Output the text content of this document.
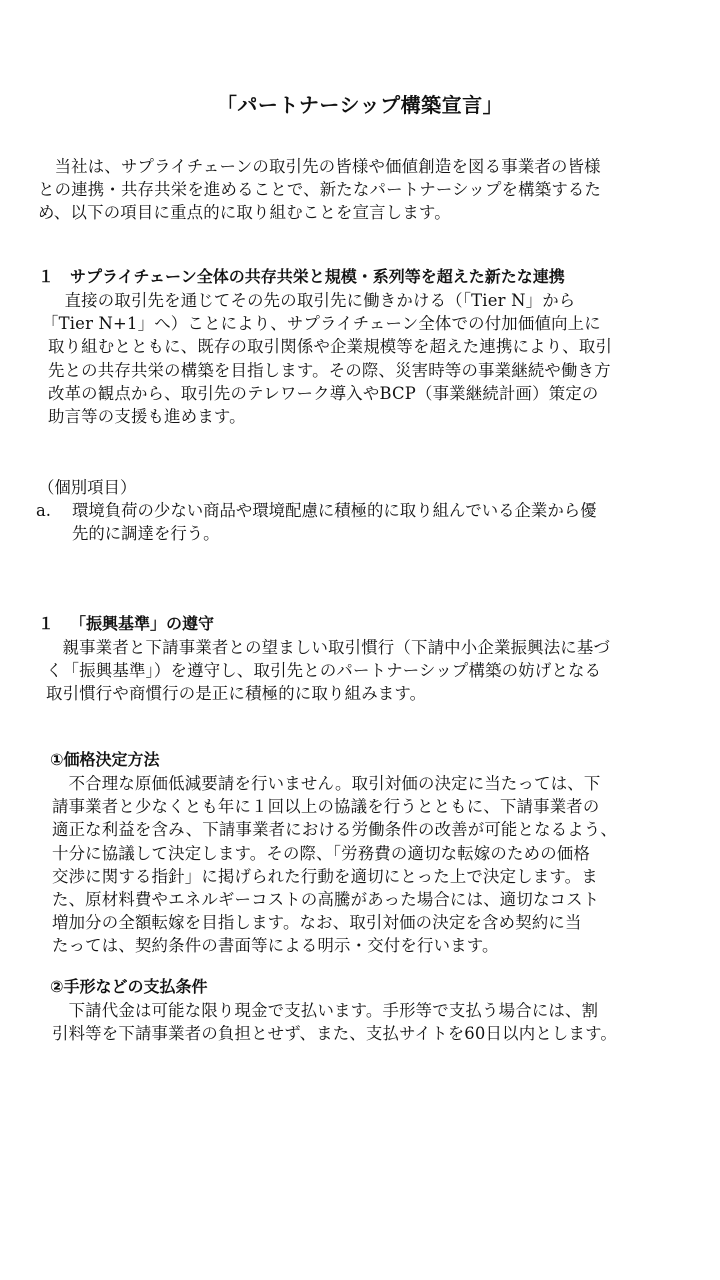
「パートナーシップ構築宣言」
　当社は、サプライチェーンの取引先の皆様や価値創造を図る事業者の皆様
との連携・共存共栄を進めることで、新たなパートナーシップを構築するた
め、以下の項目に重点的に取り組むことを宣言します。
１ サプライチェーン全体の共存共栄と規模・系列等を超えた新たな連携
　直接の取引先を通じてその先の取引先に働きかける（「Tier N」から
「Tier N+1」へ）ことにより、サプライチェーン全体での付加価値向上に
取り組むとともに、既存の取引関係や企業規模等を超えた連携により、取引
先との共存共栄の構築を目指します。その際、災害時等の事業継続や働き方
改革の観点から、取引先のテレワーク導入やBCP（事業継続計画）策定の
助言等の支援も進めます。
（個別項目）
a. 環境負荷の少ない商品や環境配慮に積極的に取り組んでいる企業から優
先的に調達を行う。
１ 「振興基準」の遵守
　親事業者と下請事業者との望ましい取引慣行（下請中小企業振興法に基づ
く「振興基準」）を遵守し、取引先とのパートナーシップ構築の妨げとなる
取引慣行や商慣行の是正に積極的に取り組みます。
①価格決定方法
　不合理な原価低減要請を行いません。取引対価の決定に当たっては、下
請事業者と少なくとも年に１回以上の協議を行うとともに、下請事業者の
適正な利益を含み、下請事業者における労働条件の改善が可能となるよう、
十分に協議して決定します。その際、「労務費の適切な転嫁のための価格
交渉に関する指針」に掲げられた行動を適切にとった上で決定します。ま
た、原材料費やエネルギーコストの高騰があった場合には、適切なコスト
増加分の全額転嫁を目指します。なお、取引対価の決定を含め契約に当
たっては、契約条件の書面等による明示・交付を行います。
②手形などの支払条件
　下請代金は可能な限り現金で支払います。手形等で支払う場合には、割
引料等を下請事業者の負担とせず、また、支払サイトを60日以内とします。
